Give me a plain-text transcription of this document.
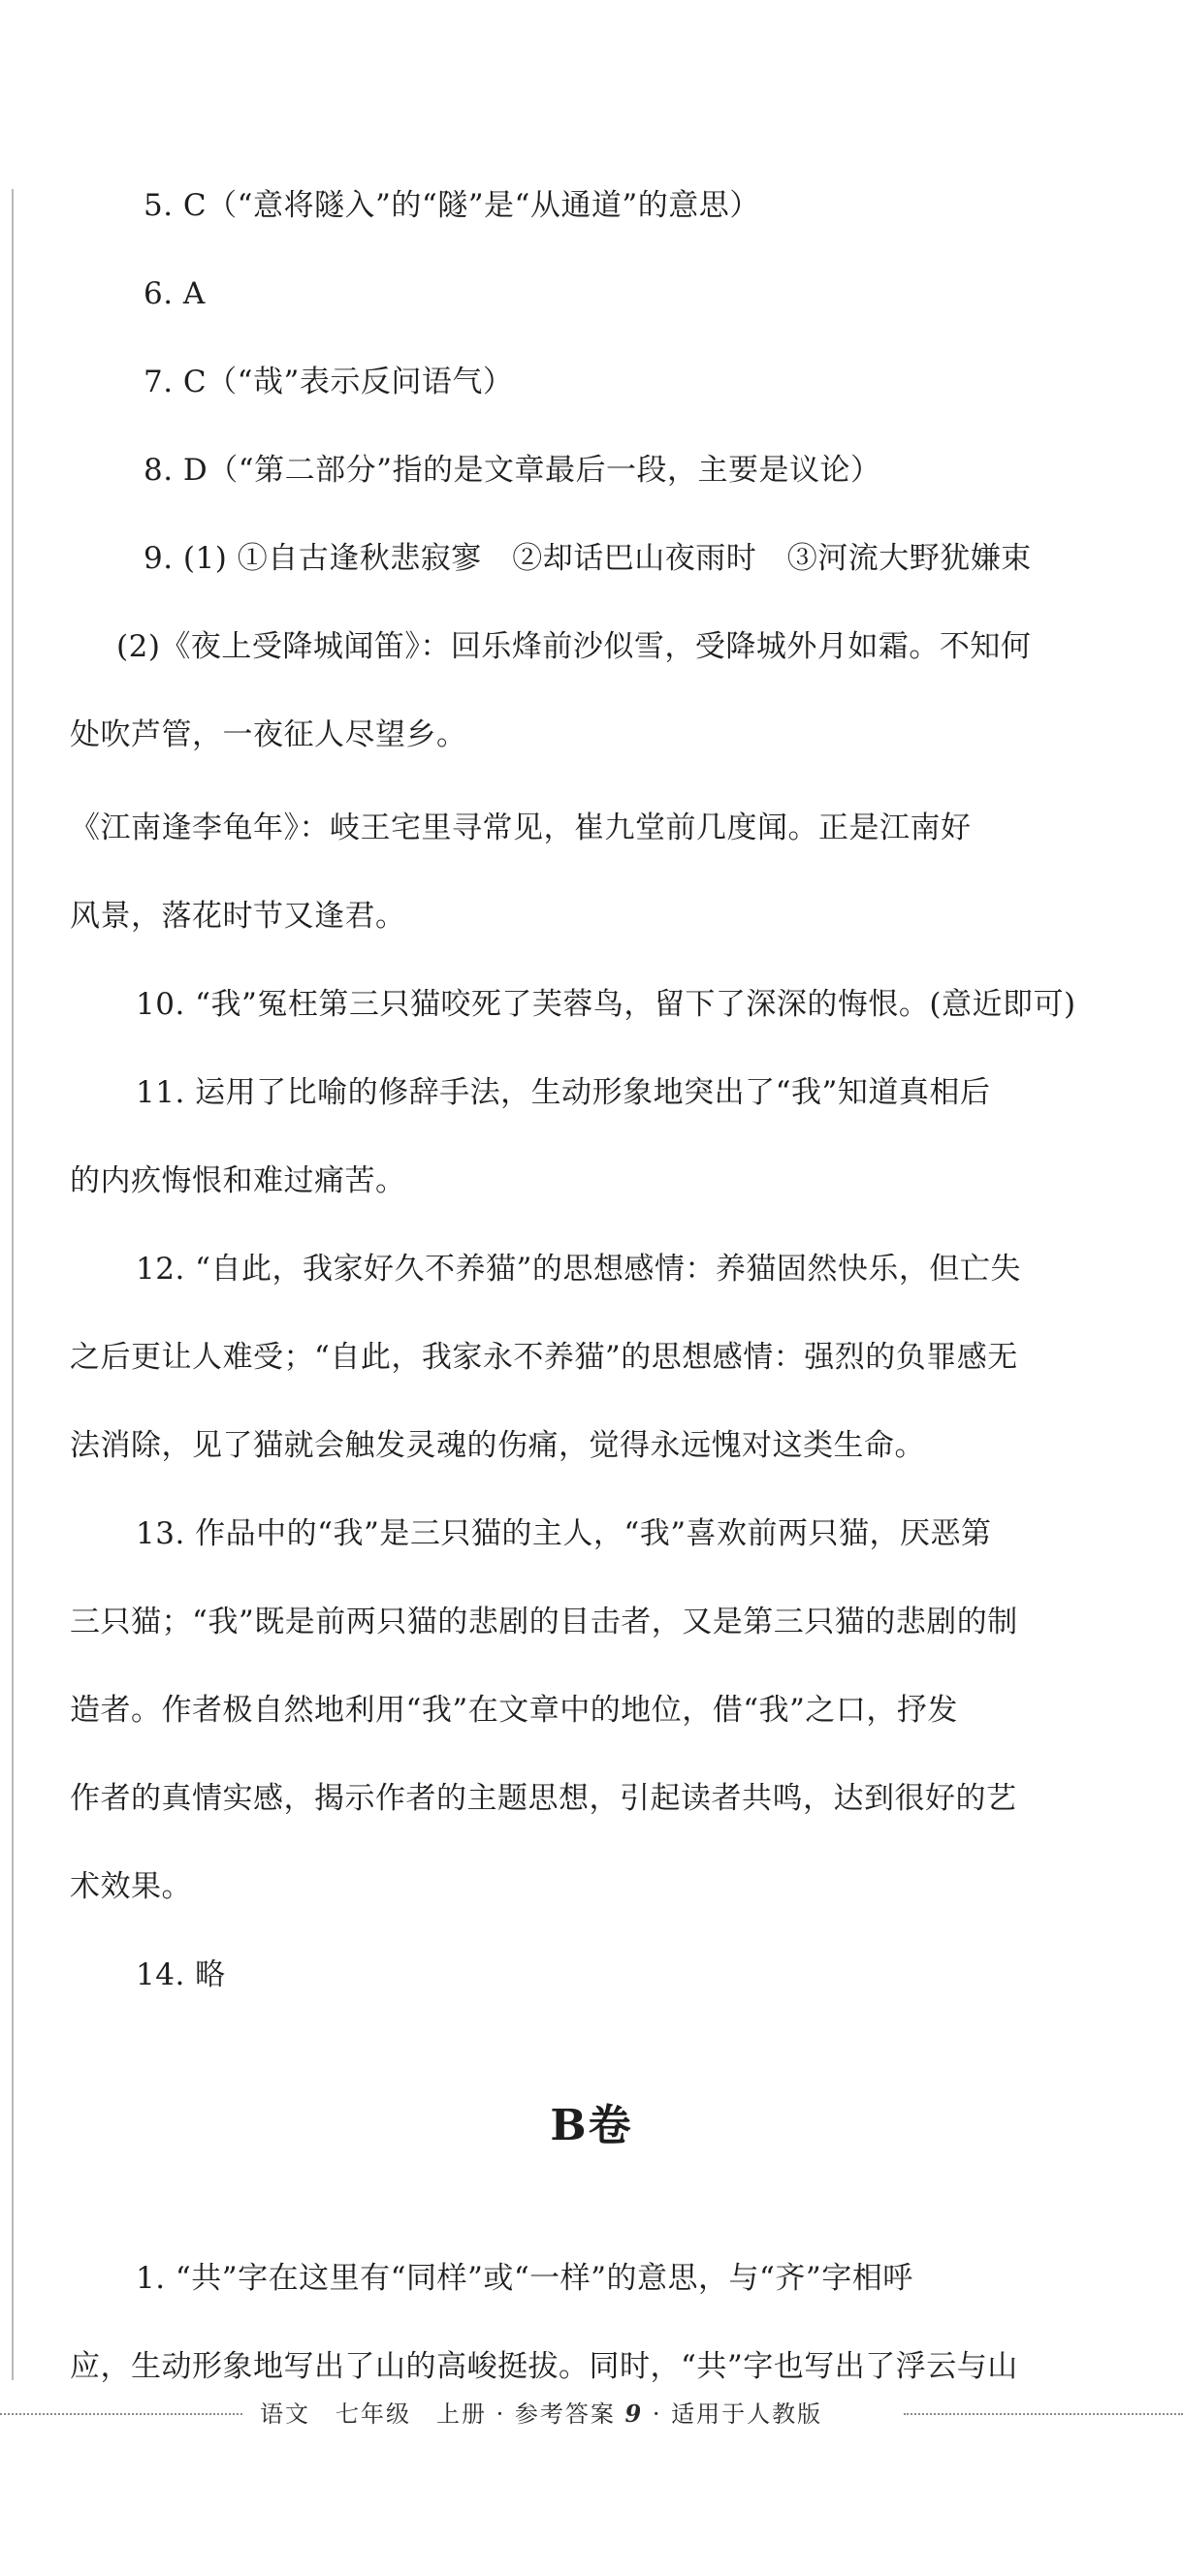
5. C（“意将隧入”的“隧”是“从通道”的意思）
6. A
7. C（“哉”表示反问语气）
8. D（“第二部分”指的是文章最后一段，主要是议论）
9. (1) ①自古逢秋悲寂寥　②却话巴山夜雨时　③河流大野犹嫌束
(2)《夜上受降城闻笛》：回乐烽前沙似雪，受降城外月如霜。不知何
处吹芦管，一夜征人尽望乡。
《江南逢李龟年》：岐王宅里寻常见，崔九堂前几度闻。正是江南好
风景，落花时节又逢君。
10. “我”冤枉第三只猫咬死了芙蓉鸟，留下了深深的悔恨。(意近即可)
11. 运用了比喻的修辞手法，生动形象地突出了“我”知道真相后
的内疚悔恨和难过痛苦。
12. “自此，我家好久不养猫”的思想感情：养猫固然快乐，但亡失
之后更让人难受；“自此，我家永不养猫”的思想感情：强烈的负罪感无
法消除，见了猫就会触发灵魂的伤痛，觉得永远愧对这类生命。
13. 作品中的“我”是三只猫的主人，“我”喜欢前两只猫，厌恶第
三只猫；“我”既是前两只猫的悲剧的目击者，又是第三只猫的悲剧的制
造者。作者极自然地利用“我”在文章中的地位，借“我”之口，抒发
作者的真情实感，揭示作者的主题思想，引起读者共鸣，达到很好的艺
术效果。
14. 略
B卷
1. “共”字在这里有“同样”或“一样”的意思，与“齐”字相呼
应，生动形象地写出了山的高峻挺拔。同时，“共”字也写出了浮云与山
语文　七年级　上册 · 参考答案 9 · 适用于人教版
